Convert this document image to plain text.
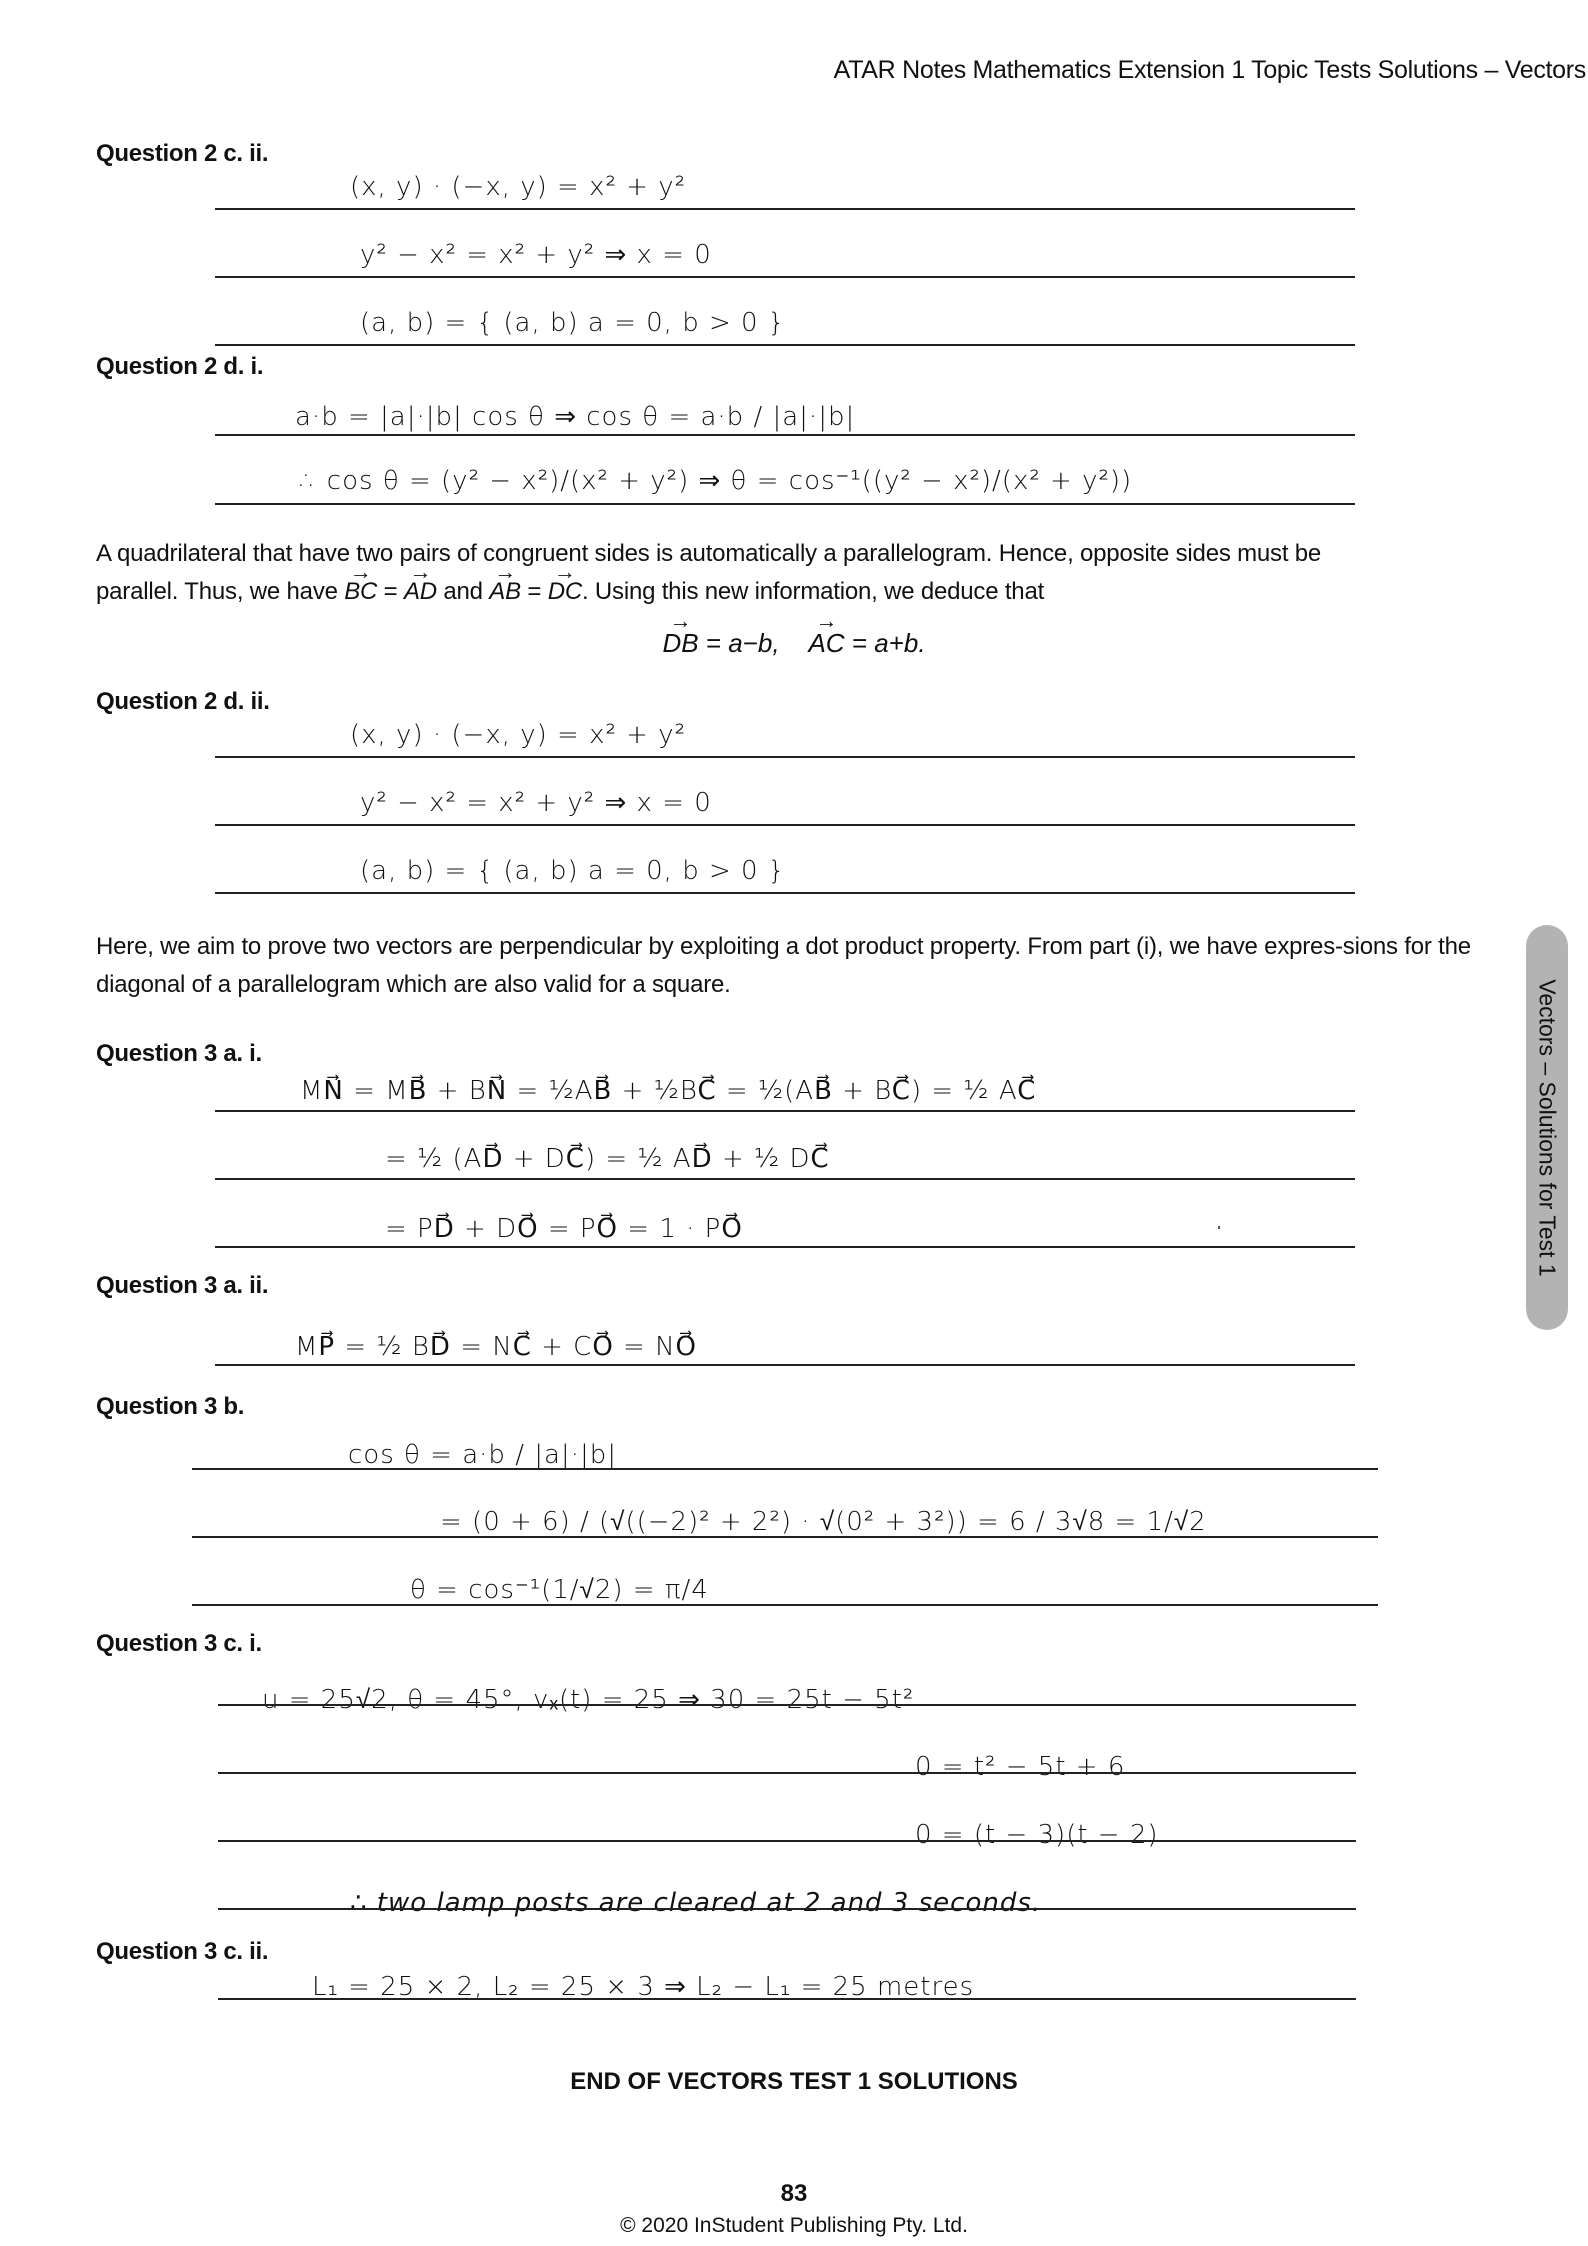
ATAR Notes Mathematics Extension 1 Topic Tests Solutions – Vectors
Question 2 c. ii.
(x, y) · (−x, y) = x² + y²
y² − x² = x² + y² ⇒ x = 0
(a, b) = { (a, b) a = 0, b > 0 }
Question 2 d. i.
a·b = |a|·|b| cos θ ⇒ cos θ = a·b / |a|·|b|
∴ cos θ = (y² − x²)/(x² + y²) ⇒ θ = cos⁻¹((y² − x²)/(x² + y²))
A quadrilateral that have two pairs of congruent sides is automatically a parallelogram. Hence, opposite sides must be
parallel. Thus, we have → BC = → AD and → AB = → DC. Using this new information, we deduce that
→ DB = a−b, → AC = a+b.
Question 2 d. ii.
(x, y) · (−x, y) = x² + y²
y² − x² = x² + y² ⇒ x = 0
(a, b) = { (a, b) a = 0, b > 0 }
Here, we aim to prove two vectors are perpendicular by exploiting a dot product property. From part (i), we have expres-sions for the diagonal of a parallelogram which are also valid for a square.	Vectors – Solutions for Test 1
Question 3 a. i.
MN⃗ = MB⃗ + BN⃗ = ½AB⃗ + ½BC⃗ = ½(AB⃗ + BC⃗) = ½ AC⃗
= ½ (AD⃗ + DC⃗) = ½ AD⃗ + ½ DC⃗
= PD⃗ + DO⃗ = PO⃗ = 1 · PO⃗
Question 3 a. ii.
MP⃗ = ½ BD⃗ = NC⃗ + CO⃗ = NO⃗
Question 3 b.
cos θ = a·b / |a|·|b|
= (0 + 6) / (√((−2)² + 2²) · √(0² + 3²)) = 6 / 3√8 = 1/√2
θ = cos⁻¹(1/√2) = π/4
Question 3 c. i.
u = 25√2, θ = 45°, vₓ(t) = 25 ⇒ 30 = 25t − 5t²
0 = t² − 5t + 6
0 = (t − 3)(t − 2)
∴ two lamp posts are cleared at 2 and 3 seconds.
Question 3 c. ii.
L₁ = 25 × 2, L₂ = 25 × 3 ⇒ L₂ − L₁ = 25 metres
END OF VECTORS TEST 1 SOLUTIONS
83
© 2020 InStudent Publishing Pty. Ltd.
